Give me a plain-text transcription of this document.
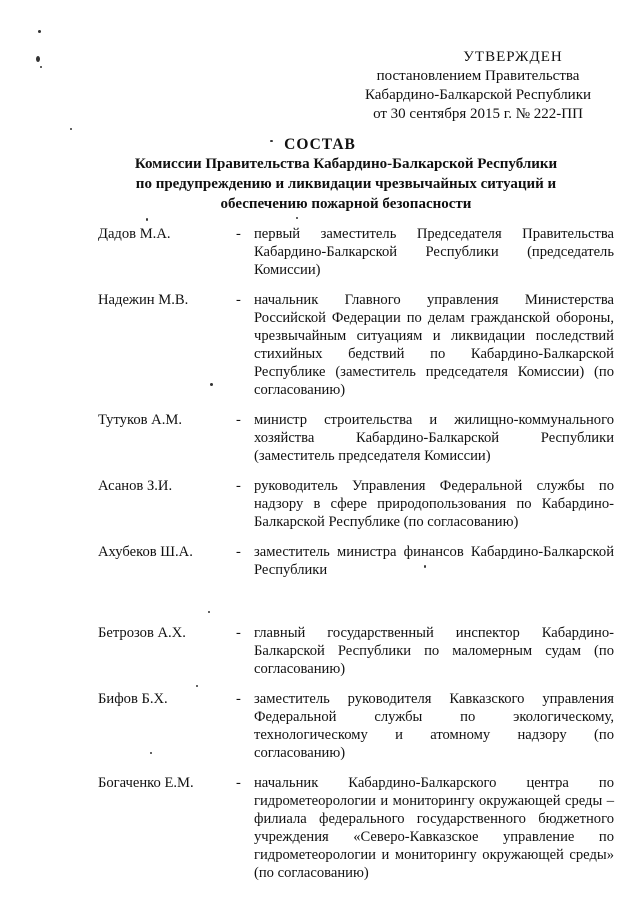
УТВЕРЖДЕН
постановлением Правительства
Кабардино-Балкарской Республики
от 30 сентября 2015 г. № 222-ПП
СОСТАВ
Комиссии Правительства Кабардино-Балкарской Республики
по предупреждению и ликвидации чрезвычайных ситуаций и
обеспечению пожарной безопасности
Дадов М.А.	- первый заместитель Председателя Правительства Кабардино-Балкарской Республики (председатель Комиссии)
Надежин М.В.	- начальник Главного управления Министерства Российской Федерации по делам гражданской обороны, чрезвычайным ситуациям и ликвидации последствий стихийных бедствий по Кабардино-Балкарской Республике (заместитель председателя Комиссии) (по согласованию)
Тутуков А.М.	- министр строительства и жилищно-коммунального хозяйства Кабардино-Балкарской Республики (заместитель председателя Комиссии)
Асанов З.И.	- руководитель Управления Федеральной службы по надзору в сфере природопользования по Кабардино-Балкарской Республике (по согласованию)
Ахубеков Ш.А.	- заместитель министра финансов Кабардино-Балкарской Республики
Бетрозов А.Х.	- главный государственный инспектор Кабардино-Балкарской Республики по маломерным судам (по согласованию)
Бифов Б.Х.	- заместитель руководителя Кавказского управления Федеральной службы по экологическому, технологическому и атомному надзору (по согласованию)
Богаченко Е.М.	- начальник Кабардино-Балкарского центра по гидрометеорологии и мониторингу окружающей среды – филиала федерального государственного бюджетного учреждения «Северо-Кавказское управление по гидрометеорологии и мониторингу окружающей среды» (по согласованию)
